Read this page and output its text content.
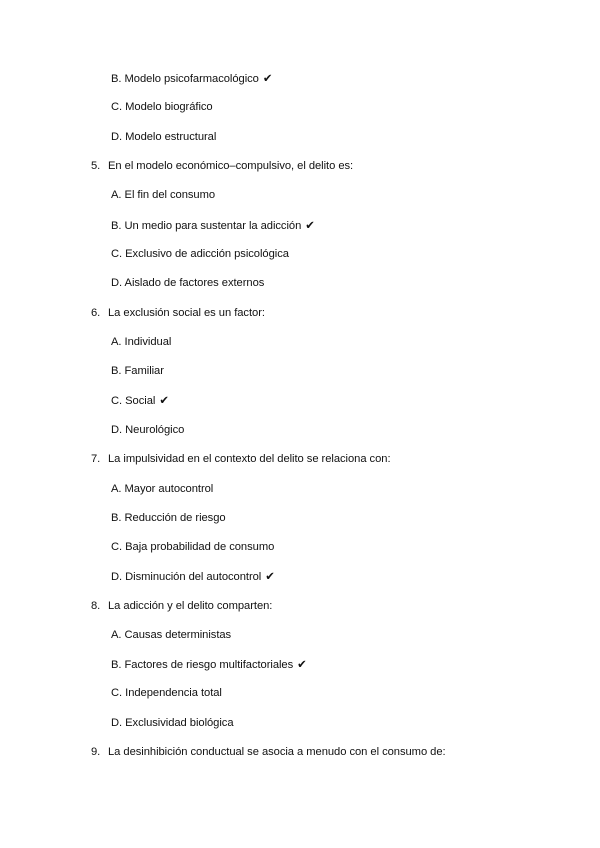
B. Modelo psicofarmacológico ✔
C. Modelo biográfico
D. Modelo estructural
5. En el modelo económico–compulsivo, el delito es:
A. El fin del consumo
B. Un medio para sustentar la adicción ✔
C. Exclusivo de adicción psicológica
D. Aislado de factores externos
6. La exclusión social es un factor:
A. Individual
B. Familiar
C. Social ✔
D. Neurológico
7. La impulsividad en el contexto del delito se relaciona con:
A. Mayor autocontrol
B. Reducción de riesgo
C. Baja probabilidad de consumo
D. Disminución del autocontrol ✔
8. La adicción y el delito comparten:
A. Causas deterministas
B. Factores de riesgo multifactoriales ✔
C. Independencia total
D. Exclusividad biológica
9. La desinhibición conductual se asocia a menudo con el consumo de:
